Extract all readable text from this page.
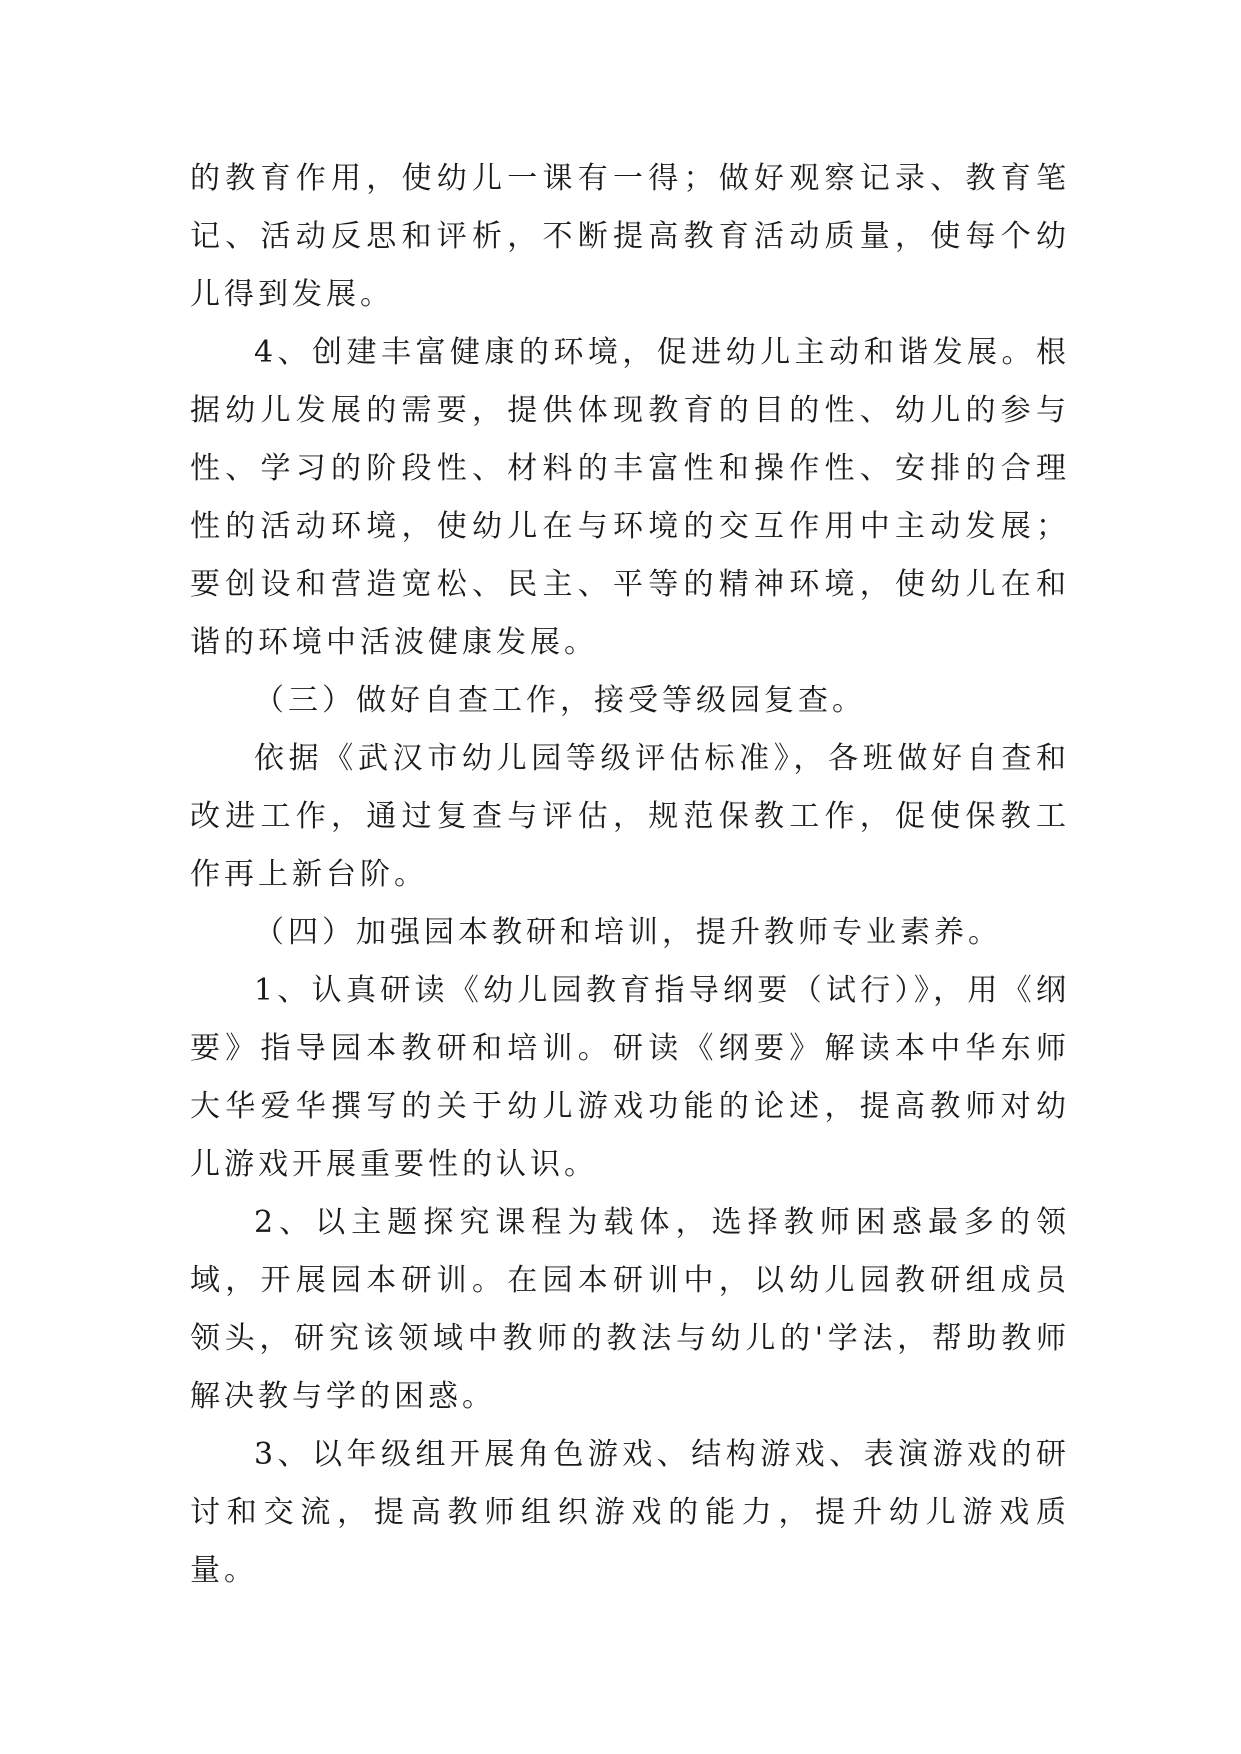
的教育作用，使幼儿一课有一得；做好观察记录、教育笔记、活动反思和评析，不断提高教育活动质量，使每个幼儿得到发展。

4、创建丰富健康的环境，促进幼儿主动和谐发展。根据幼儿发展的需要，提供体现教育的目的性、幼儿的参与性、学习的阶段性、材料的丰富性和操作性、安排的合理性的活动环境，使幼儿在与环境的交互作用中主动发展；要创设和营造宽松、民主、平等的精神环境，使幼儿在和谐的环境中活波健康发展。

（三）做好自查工作，接受等级园复查。

依据《武汉市幼儿园等级评估标准》，各班做好自查和改进工作，通过复查与评估，规范保教工作，促使保教工作再上新台阶。

（四）加强园本教研和培训，提升教师专业素养。

1、认真研读《幼儿园教育指导纲要（试行）》，用《纲要》指导园本教研和培训。研读《纲要》解读本中华东师大华爱华撰写的关于幼儿游戏功能的论述，提高教师对幼儿游戏开展重要性的认识。

2、以主题探究课程为载体，选择教师困惑最多的领域，开展园本研训。在园本研训中，以幼儿园教研组成员领头，研究该领域中教师的教法与幼儿的'学法，帮助教师解决教与学的困惑。

3、以年级组开展角色游戏、结构游戏、表演游戏的研讨和交流，提高教师组织游戏的能力，提升幼儿游戏质量。
